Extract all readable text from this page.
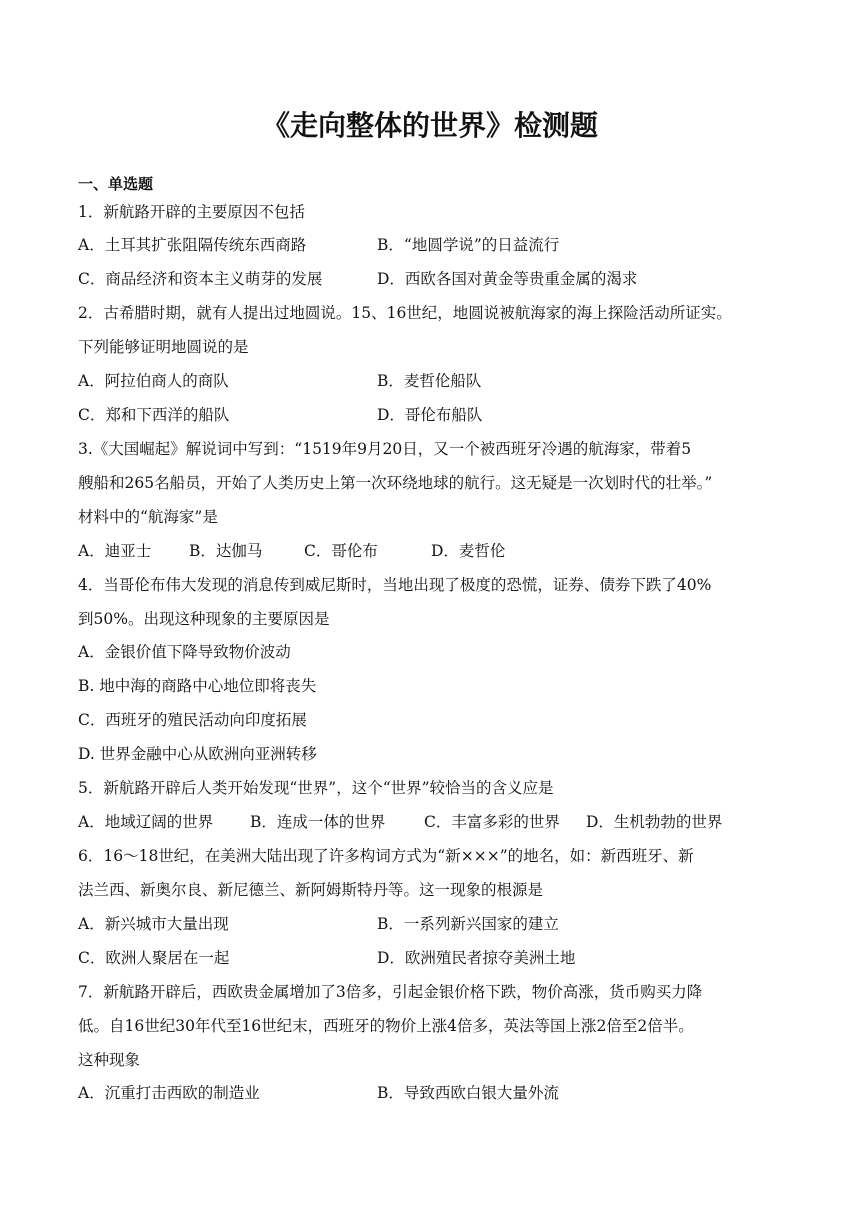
《走向整体的世界》检测题
一、单选题
1．新航路开辟的主要原因不包括
A．土耳其扩张阻隔传统东西商路	B．“地圆学说”的日益流行
C．商品经济和资本主义萌芽的发展	D．西欧各国对黄金等贵重金属的渴求
2．古希腊时期，就有人提出过地圆说。15、16世纪，地圆说被航海家的海上探险活动所证实。
下列能够证明地圆说的是
A．阿拉伯商人的商队	B．麦哲伦船队
C．郑和下西洋的船队	D．哥伦布船队
3.《大国崛起》解说词中写到：“1519年9月20日，又一个被西班牙冷遇的航海家，带着5
艘船和265名船员，开始了人类历史上第一次环绕地球的航行。这无疑是一次划时代的壮举。”
材料中的“航海家”是
A．迪亚士 B．达伽马	C．哥伦布	D．麦哲伦
4．当哥伦布伟大发现的消息传到威尼斯时，当地出现了极度的恐慌，证券、债券下跌了40%
到50%。出现这种现象的主要原因是
A．金银价值下降导致物价波动
B. 地中海的商路中心地位即将丧失
C．西班牙的殖民活动向印度拓展
D. 世界金融中心从欧洲向亚洲转移
5．新航路开辟后人类开始发现“世界”，这个“世界”较恰当的含义应是
A．地域辽阔的世界 B．连成一体的世界 C．丰富多彩的世界 D．生机勃勃的世界
6．16～18世纪，在美洲大陆出现了许多构词方式为“新×××”的地名，如：新西班牙、新
法兰西、新奥尔良、新尼德兰、新阿姆斯特丹等。这一现象的根源是
A．新兴城市大量出现	B．一系列新兴国家的建立
C．欧洲人聚居在一起	D．欧洲殖民者掠夺美洲土地
7．新航路开辟后，西欧贵金属增加了3倍多，引起金银价格下跌，物价高涨，货币购买力降
低。自16世纪30年代至16世纪末，西班牙的物价上涨4倍多，英法等国上涨2倍至2倍半。
这种现象
A．沉重打击西欧的制造业	B．导致西欧白银大量外流
